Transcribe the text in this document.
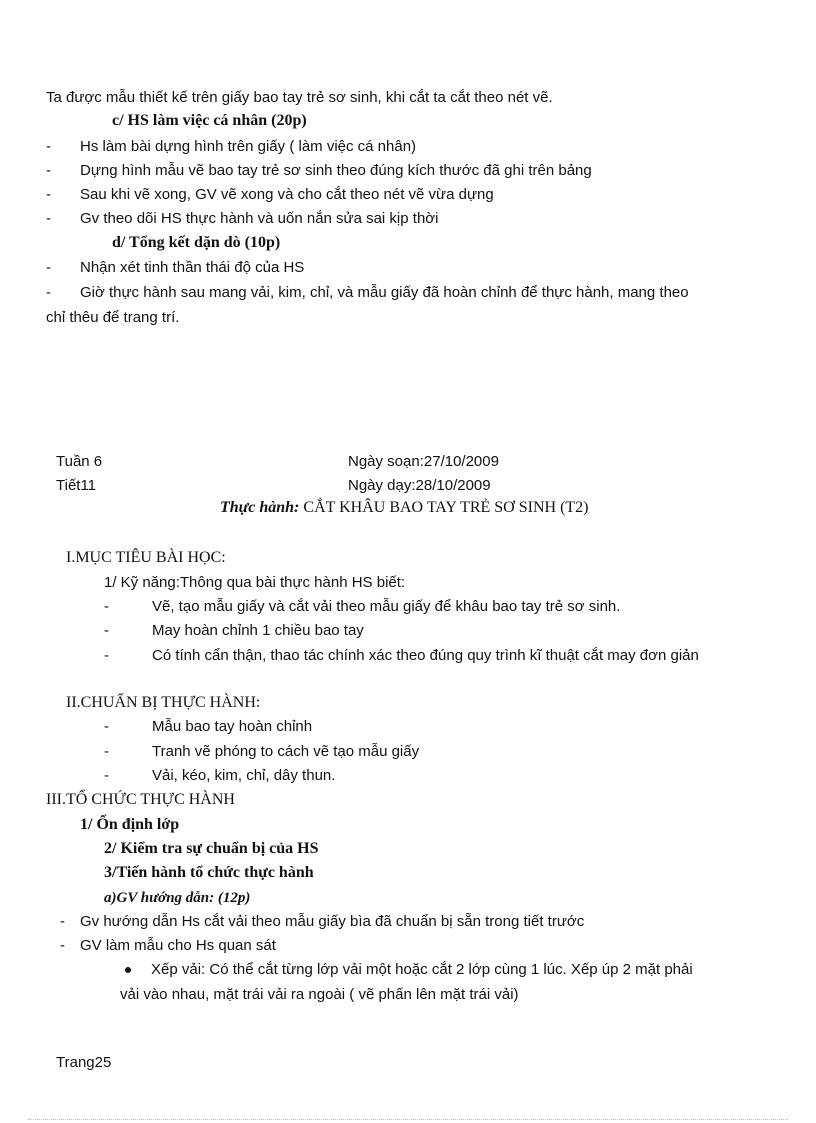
Ta được mẫu thiết kế trên giấy bao tay trẻ sơ sinh, khi cắt ta cắt theo nét vẽ.
c/ HS làm việc cá nhân (20p)
- Hs làm bài dựng hình trên giấy ( làm việc cá nhân)
- Dựng hình mẫu vẽ bao tay trẻ sơ sinh theo đúng kích thước đã ghi trên bảng
- Sau khi vẽ xong, GV vẽ xong và cho cắt theo nét vẽ vừa dựng
- Gv theo dõi HS thực hành và uốn nắn sửa sai kịp thời
d/ Tổng kết dặn dò (10p)
- Nhận xét tinh thần thái độ của HS
- Giờ thực hành sau mang vải, kim, chỉ, và mẫu giấy đã hoàn chỉnh để thực hành, mang theo
chỉ thêu để trang trí.
Tuần 6	Ngày soạn:27/10/2009
Tiết11	Ngày dạy:28/10/2009
Thực hành: CẮT KHÂU BAO TAY TRẺ SƠ SINH (T2)
I.MỤC TIÊU BÀI HỌC:
1/ Kỹ năng:Thông qua bài thực hành HS biết:
-	Vẽ, tạo mẫu giấy và cắt vải theo mẫu giấy để khâu bao tay trẻ sơ sinh.
-	May hoàn chỉnh 1 chiều bao tay
-	Có tính cẩn thận, thao tác chính xác theo đúng quy trình kĩ thuật cắt may đơn giản
II.CHUẨN BỊ THỰC HÀNH:
-	Mẫu bao tay hoàn chỉnh
-	Tranh vẽ phóng to cách vẽ tạo mẫu giấy
-	Vải, kéo, kim, chỉ, dây thun.
III.TỔ CHỨC THỰC HÀNH
1/ Ổn định lớp
2/ Kiểm tra sự chuẩn bị của HS
3/Tiến hành tổ chức thực hành
a)GV hướng dẫn: (12p)
- Gv hướng dẫn Hs cắt vải theo mẫu giấy bìa đã chuẩn bị sẵn trong tiết trước
- GV làm mẫu cho Hs quan sát
Xếp vải: Có thể cắt từng lớp vải một hoặc cắt 2 lớp cùng 1 lúc. Xếp úp 2 mặt phải
vải vào nhau, mặt trái vải ra ngoài ( vẽ phấn lên mặt trái vải)
Trang25
